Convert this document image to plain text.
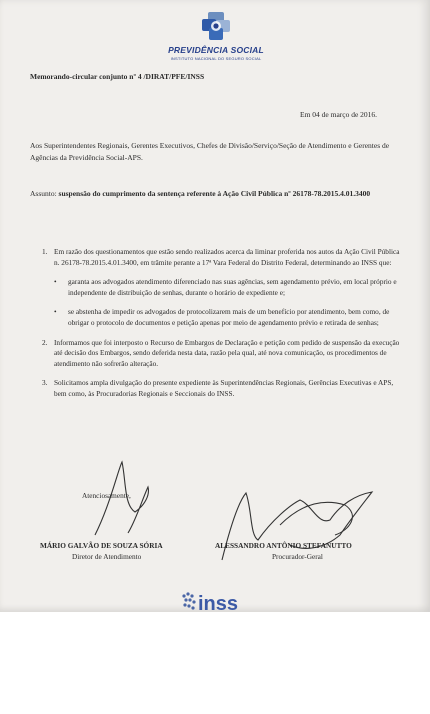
PREVIDÊNCIA SOCIAL
INSTITUTO NACIONAL DO SEGURO SOCIAL
Memorando-circular conjunto nº 4 /DIRAT/PFE/INSS
Em 04 de março de 2016.
Aos Superintendentes Regionais, Gerentes Executivos, Chefes de Divisão/Serviço/Seção de Atendimento e Gerentes de Agências da Previdência Social-APS.
Assunto: suspensão do cumprimento da sentença referente à Ação Civil Pública nº 26178-78.2015.4.01.3400
1. Em razão dos questionamentos que estão sendo realizados acerca da liminar proferida nos autos da Ação Civil Pública n. 26178-78.2015.4.01.3400, em trâmite perante a 17ª Vara Federal do Distrito Federal, determinando ao INSS que:
• garanta aos advogados atendimento diferenciado nas suas agências, sem agendamento prévio, em local próprio e independente de distribuição de senhas, durante o horário de expediente e;
• se abstenha de impedir os advogados de protocolizarem mais de um benefício por atendimento, bem como, de obrigar o protocolo de documentos e petição apenas por meio de agendamento prévio e retirada de senhas;
2. Informamos que foi interposto o Recurso de Embargos de Declaração e petição com pedido de suspensão da execução até decisão dos Embargos, sendo deferida nesta data, razão pela qual, até nova comunicação, os procedimentos de atendimento não sofrerão alteração.
3. Solicitamos ampla divulgação do presente expediente às Superintendências Regionais, Gerências Executivas e APS, bem como, às Procuradorias Regionais e Seccionais do INSS.
Atenciosamente,
MÁRIO GALVÃO DE SOUZA SÓRIA
Diretor de Atendimento
ALESSANDRO ANTÔNIO STEFANUTTO
Procurador-Geral
inss
